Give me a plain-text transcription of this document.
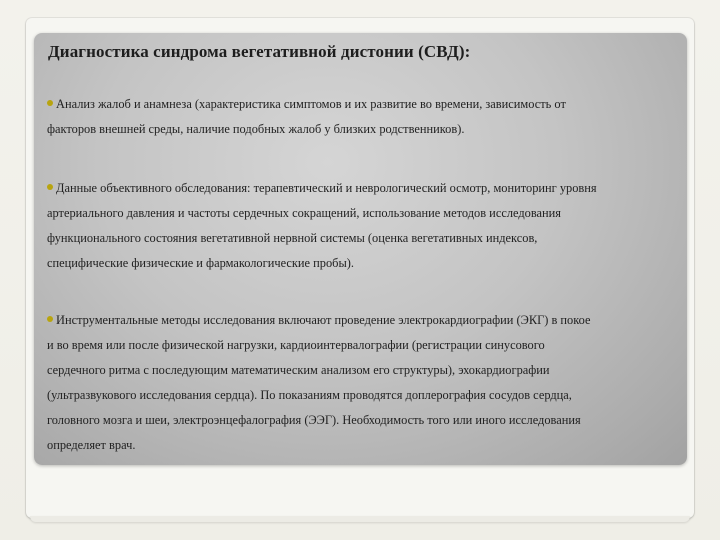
Диагностика синдрома вегетативной дистонии (СВД):
Анализ жалоб и анамнеза (характеристика симптомов и их развитие во времени, зависимость от
факторов внешней среды, наличие подобных жалоб у близких родственников).
Данные объективного обследования: терапевтический и неврологический осмотр, мониторинг уровня
артериального давления и частоты сердечных сокращений, использование методов исследования
функционального состояния вегетативной нервной системы (оценка вегетативных индексов,
специфические физические и фармакологические пробы).
Инструментальные методы исследования включают проведение электрокардиографии (ЭКГ) в покое
и во время или после физической нагрузки, кардиоинтервалографии (регистрации синусового
сердечного ритма с последующим математическим анализом его структуры), эхокардиографии
(ультразвукового исследования сердца). По показаниям проводятся доплерография сосудов сердца,
головного мозга и шеи, электроэнцефалография (ЭЭГ). Необходимость того или иного исследования
определяет врач.
